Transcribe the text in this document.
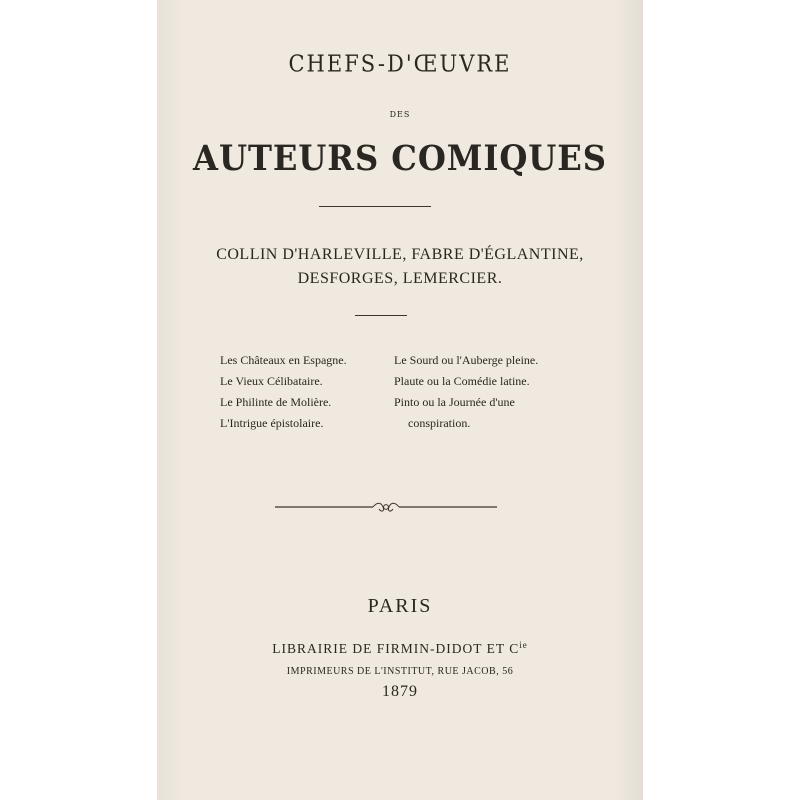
CHEFS-D'ŒUVRE
DES
AUTEURS COMIQUES
COLLIN D'HARLEVILLE, FABRE D'ÉGLANTINE,
DESFORGES, LEMERCIER.
Les Châteaux en Espagne.
Le Vieux Célibataire.
Le Philinte de Molière.
L'Intrigue épistolaire.
Le Sourd ou l'Auberge pleine.
Plaute ou la Comédie latine.
Pinto ou la Journée d'une
conspiration.
PARIS
LIBRAIRIE DE FIRMIN-DIDOT ET $C^{ie}$
IMPRIMEURS DE L'INSTITUT, RUE JACOB, 56
1879
